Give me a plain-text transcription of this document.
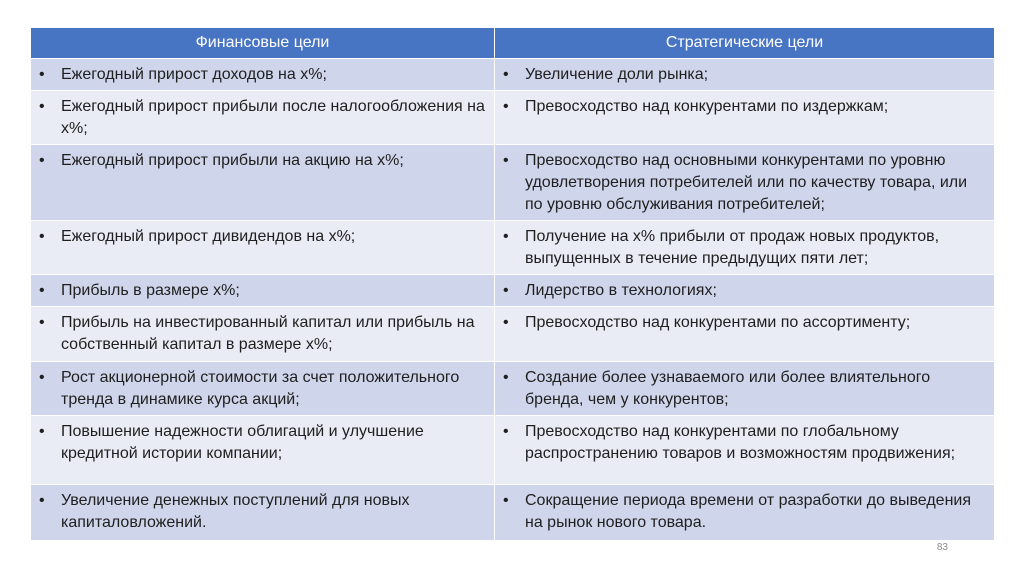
Финансовые цели	Стратегические цели

• Ежегодный прирост доходов на х%;	• Увеличение доли рынка;

• Ежегодный прирост прибыли после налогообложения на х%;	• Превосходство над конкурентами по издержкам;

• Ежегодный прирост прибыли на акцию на х%;	• Превосходство над основными конкурентами по уровню удовлетворения потребителей или по качеству товара, или по уровню обслуживания потребителей;

• Ежегодный прирост дивидендов на х%;	• Получение на х% прибыли от продаж новых продуктов, выпущенных в течение предыдущих пяти лет;

• Прибыль в размере х%;	• Лидерство в технологиях;

• Прибыль на инвестированный капитал или прибыль на собственный капитал в размере х%;	• Превосходство над конкурентами по ассортименту;

• Рост акционерной стоимости за счет положительного тренда в динамике курса акций;	• Создание более узнаваемого или более влиятельного бренда, чем у конкурентов;

• Повышение надежности облигаций и улучшение кредитной истории компании;	• Превосходство над конкурентами по глобальному распространению товаров и возможностям продвижения;

• Увеличение денежных поступлений для новых капиталовложений.	• Сокращение периода времени от разработки до выведения на рынок нового товара.
83
